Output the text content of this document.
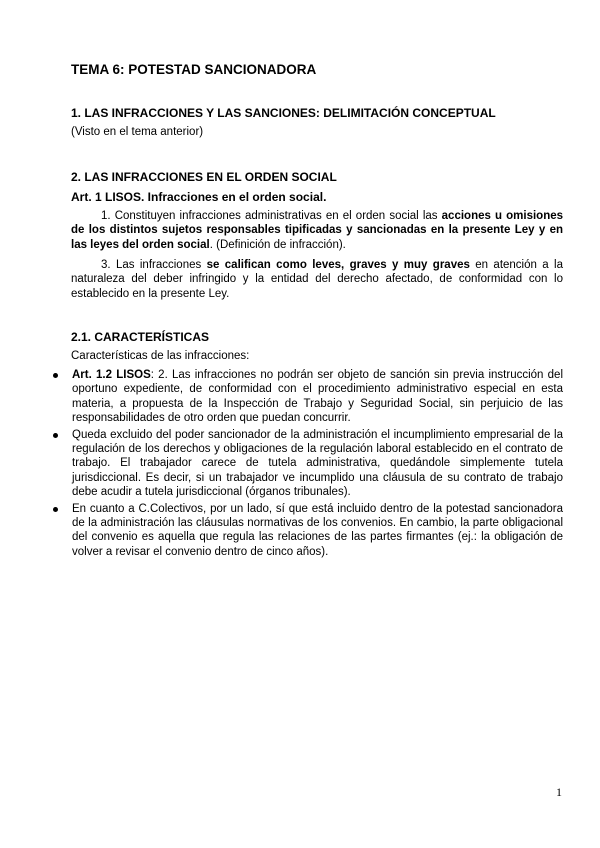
TEMA 6: POTESTAD SANCIONADORA
1. LAS INFRACCIONES Y LAS SANCIONES: DELIMITACIÓN CONCEPTUAL

(Visto en el tema anterior)

2. LAS INFRACCIONES EN EL ORDEN SOCIAL

Art. 1 LISOS. Infracciones en el orden social.

1. Constituyen infracciones administrativas en el orden social las acciones u omisiones de los distintos sujetos responsables tipificadas y sancionadas en la presente Ley y en las leyes del orden social. (Definición de infracción).

3. Las infracciones se califican como leves, graves y muy graves en atención a la naturaleza del deber infringido y la entidad del derecho afectado, de conformidad con lo establecido en la presente Ley.

2.1. CARACTERÍSTICAS

Características de las infracciones:

Art. 1.2 LISOS: 2. Las infracciones no podrán ser objeto de sanción sin previa instrucción del oportuno expediente, de conformidad con el procedimiento administrativo especial en esta materia, a propuesta de la Inspección de Trabajo y Seguridad Social, sin perjuicio de las responsabilidades de otro orden que puedan concurrir.
Queda excluido del poder sancionador de la administración el incumplimiento empresarial de la regulación de los derechos y obligaciones de la regulación laboral establecido en el contrato de trabajo. El trabajador carece de tutela administrativa, quedándole simplemente tutela jurisdiccional. Es decir, si un trabajador ve incumplido una cláusula de su contrato de trabajo debe acudir a tutela jurisdiccional (órganos tribunales).
En cuanto a C.Colectivos, por un lado, sí que está incluido dentro de la potestad sancionadora de la administración las cláusulas normativas de los convenios. En cambio, la parte obligacional del convenio es aquella que regula las relaciones de las partes firmantes (ej.: la obligación de volver a revisar el convenio dentro de cinco años).

1
